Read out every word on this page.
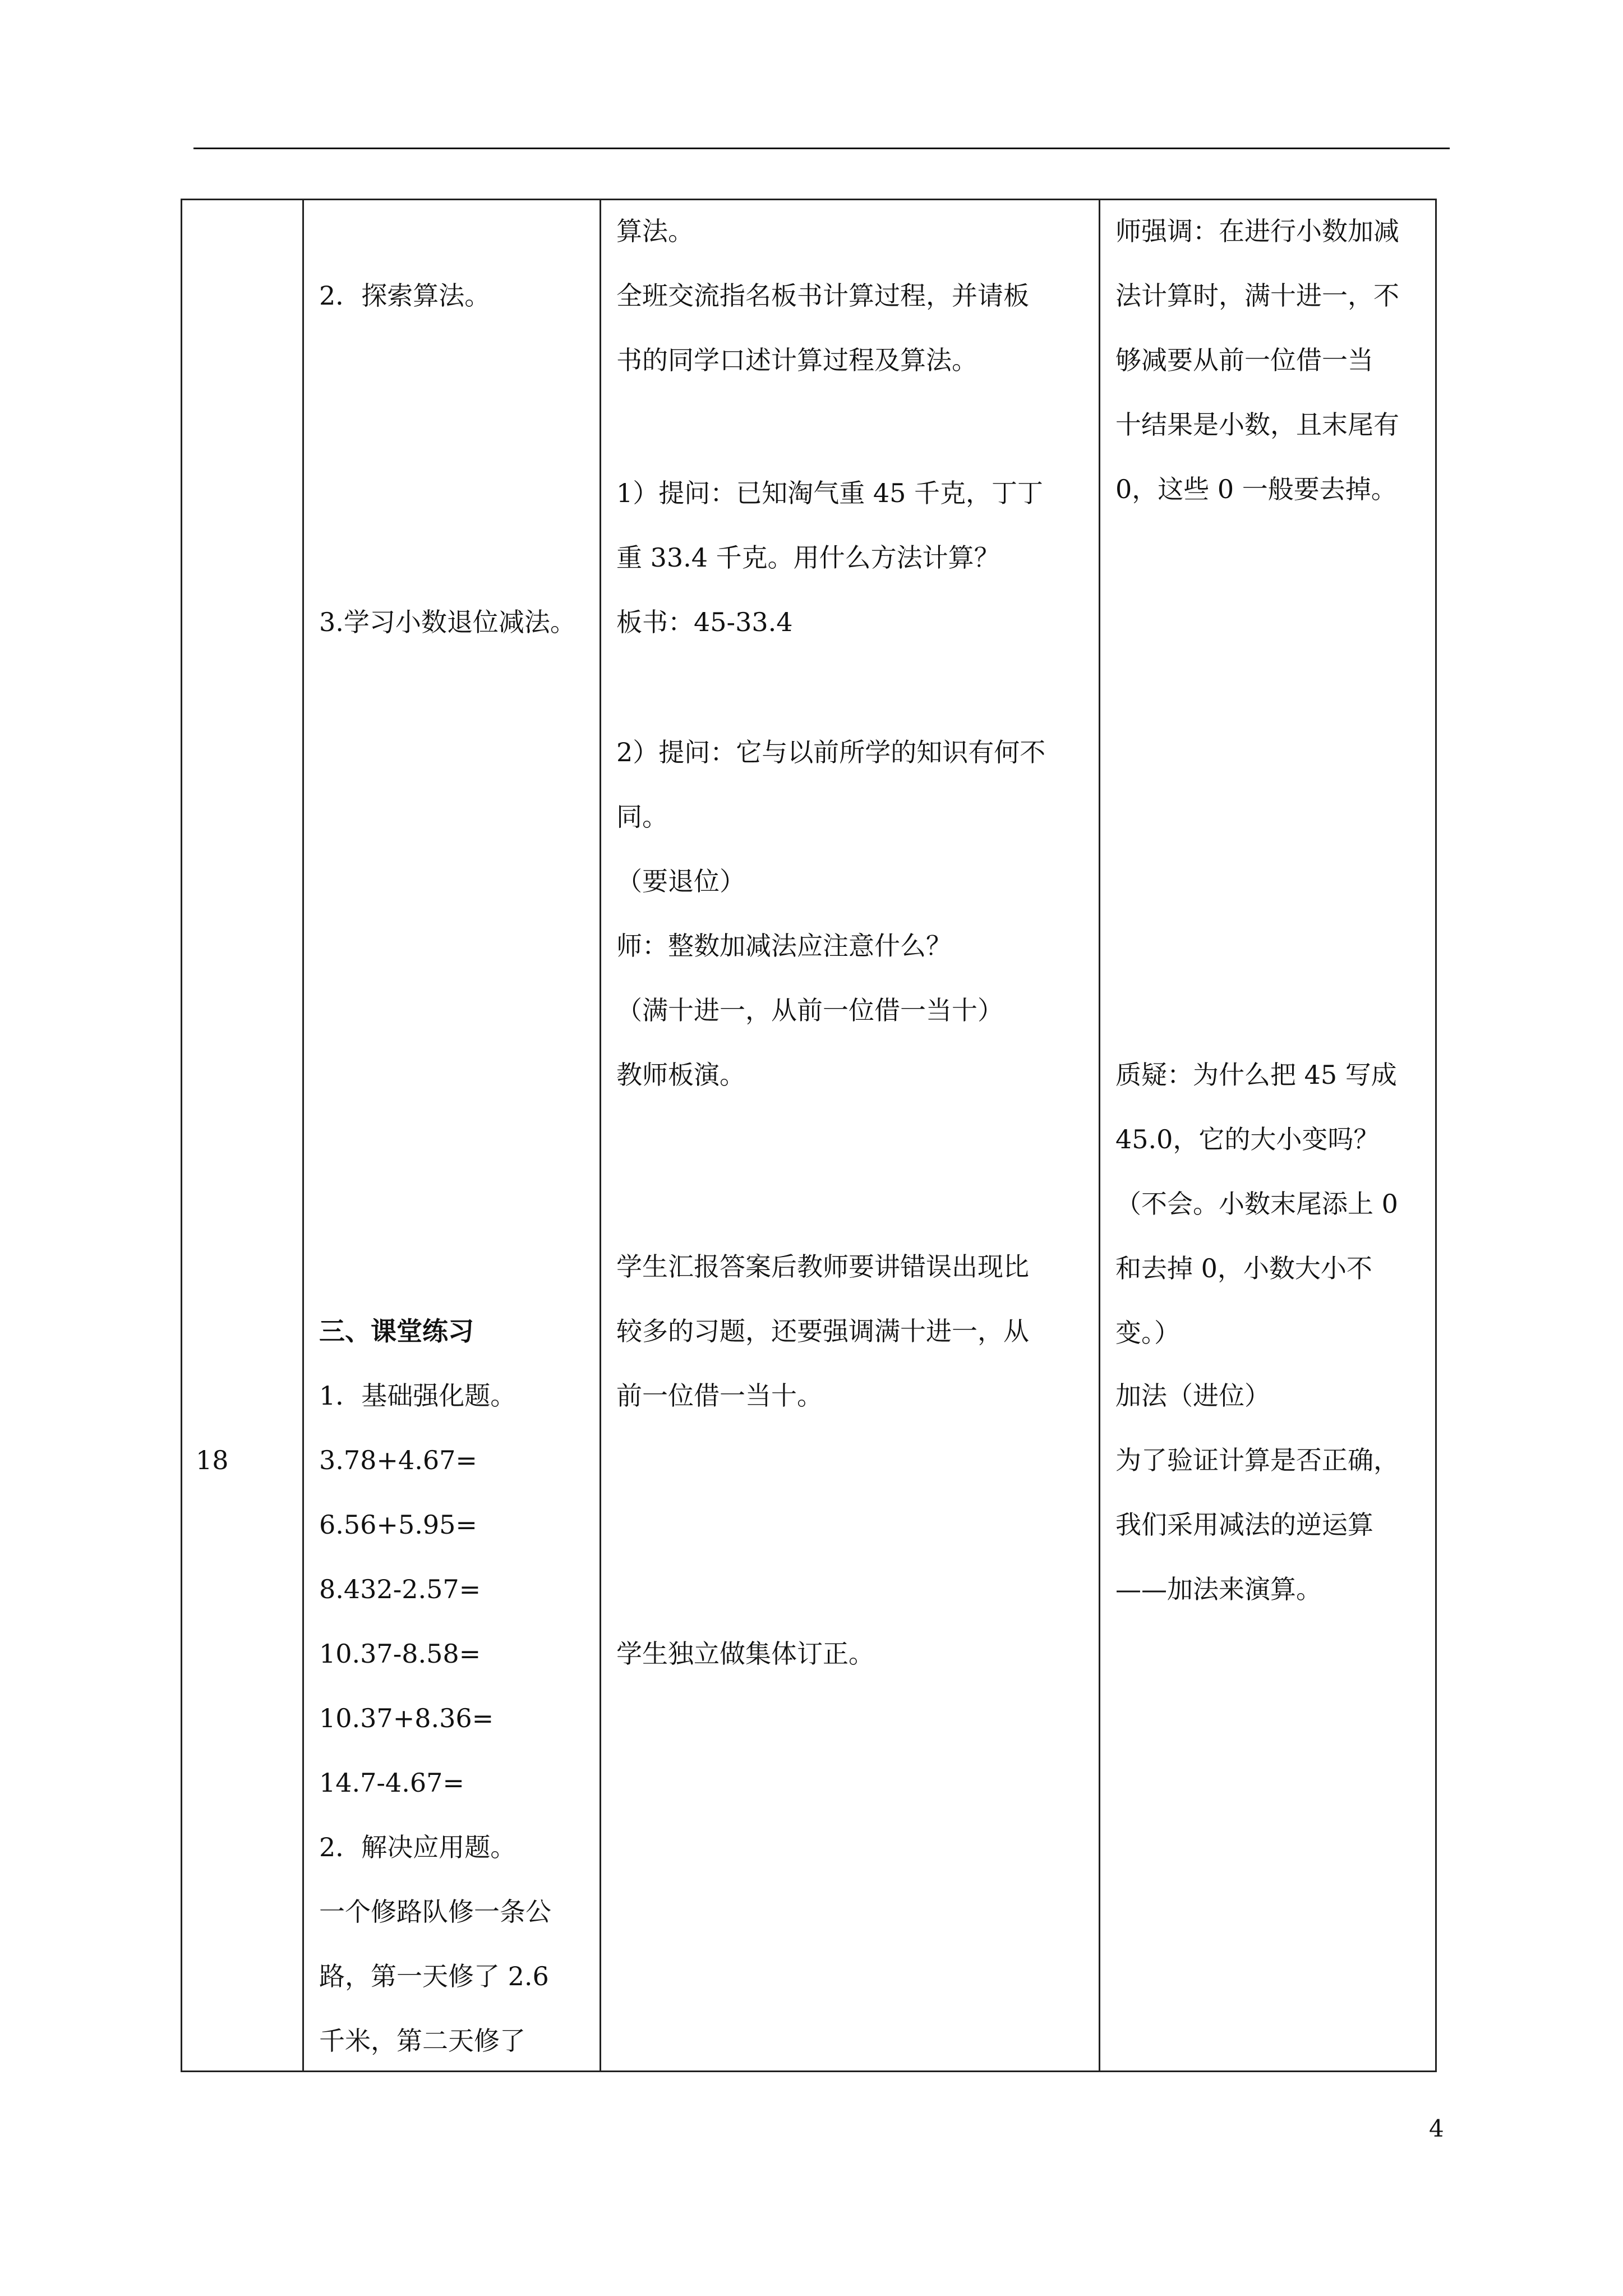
18
2．探索算法。
3.学习小数退位减法。
三、课堂练习
1．基础强化题。
3.78+4.67=
6.56+5.95=
8.432-2.57=
10.37-8.58=
10.37+8.36=
14.7-4.67=
2．解决应用题。
一个修路队修一条公
路，第一天修了 2.6
千米，第二天修了
算法。
全班交流指名板书计算过程，并请板
书的同学口述计算过程及算法。
1）提问：已知淘气重 45 千克，丁丁
重 33.4 千克。用什么方法计算？
板书：45-33.4
2）提问：它与以前所学的知识有何不
同。
（要退位）
师：整数加减法应注意什么？
（满十进一，从前一位借一当十）
教师板演。
学生汇报答案后教师要讲错误出现比
较多的习题，还要强调满十进一，从
前一位借一当十。
学生独立做集体订正。
师强调：在进行小数加减
法计算时，满十进一，不
够减要从前一位借一当
十结果是小数，且末尾有
0，这些 0 一般要去掉。
质疑：为什么把 45 写成
45.0，它的大小变吗？
（不会。小数末尾添上 0
和去掉 0，小数大小不
变。）
加法（进位）
为了验证计算是否正确，
我们采用减法的逆运算
——加法来演算。
4
